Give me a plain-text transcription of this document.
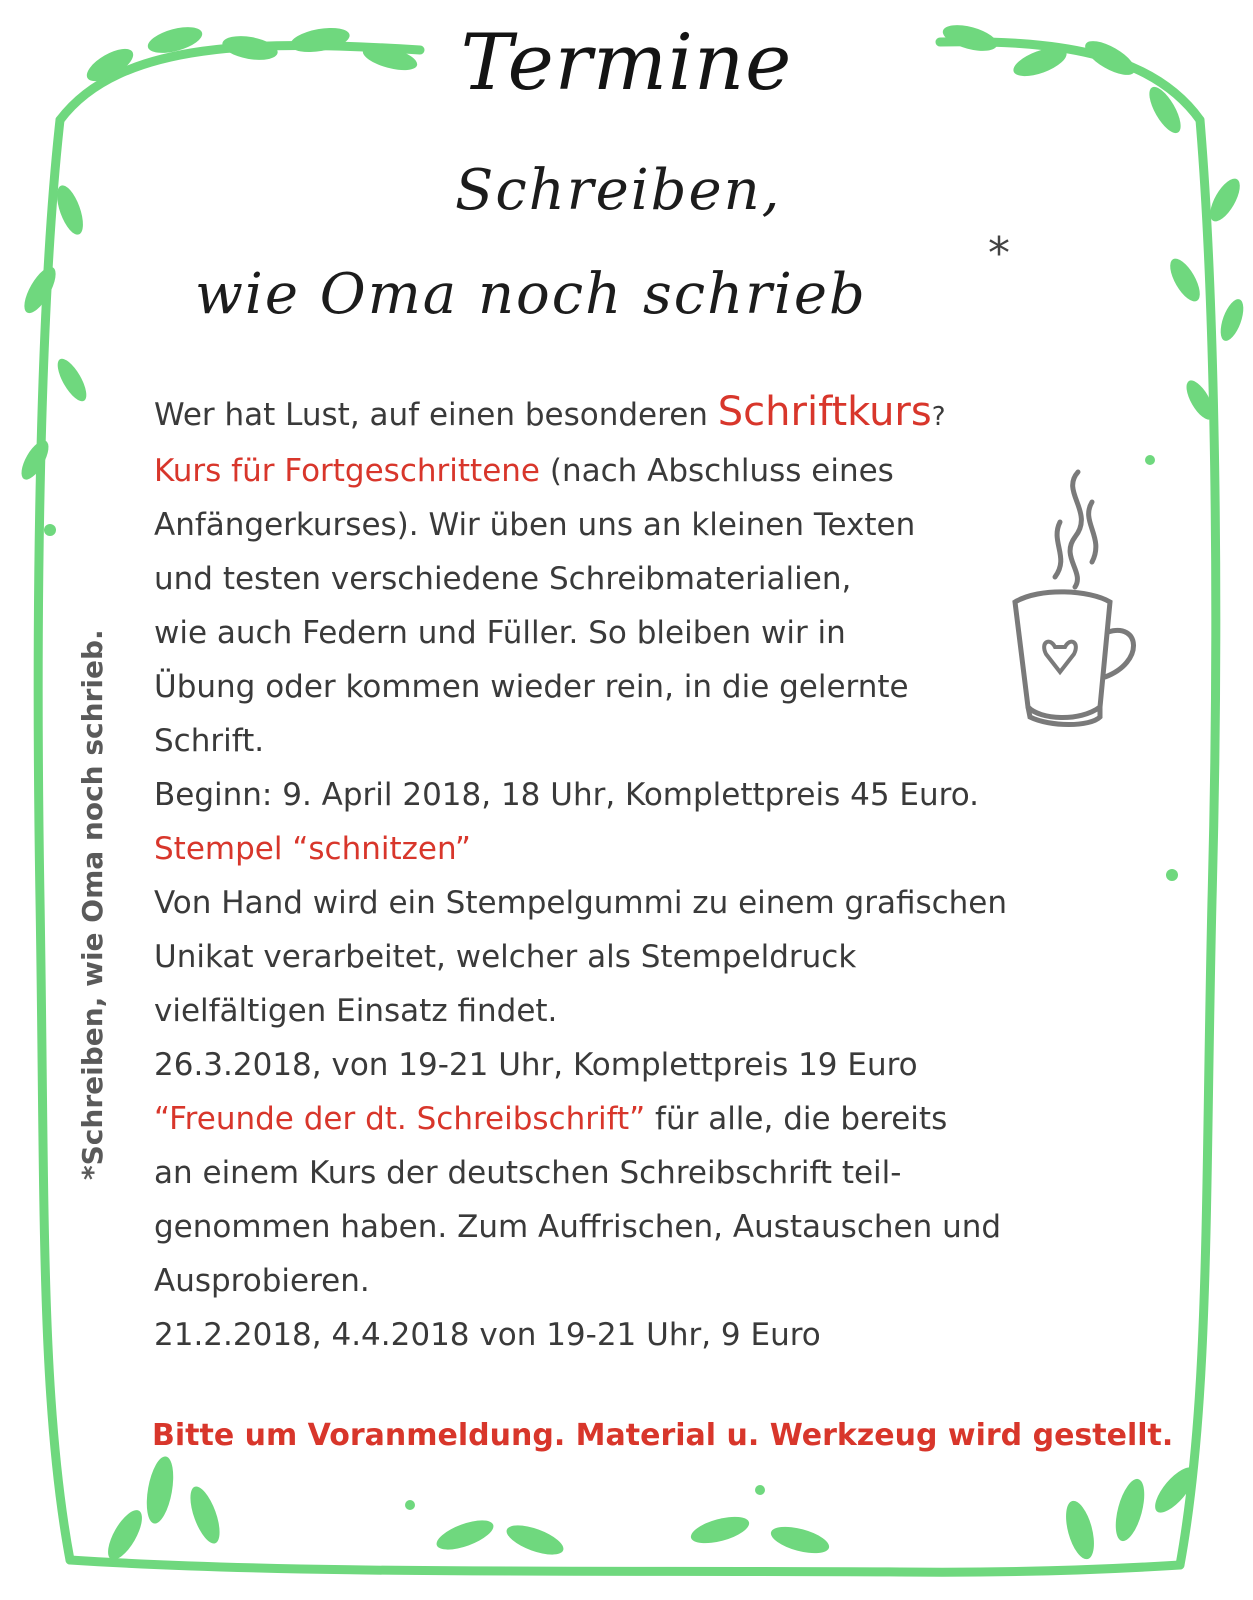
Termine
Schreiben,
wie Oma noch schrieb
*
Wer hat Lust, auf einen besonderen Schriftkurs?
Kurs für Fortgeschrittene (nach Abschluss eines
Anfängerkurses). Wir üben uns an kleinen Texten
und testen verschiedene Schreibmaterialien,
wie auch Federn und Füller. So bleiben wir in
Übung oder kommen wieder rein, in die gelernte
Schrift.
Beginn: 9. April 2018, 18 Uhr, Komplettpreis 45 Euro.
Stempel “schnitzen”
Von Hand wird ein Stempelgummi zu einem grafischen
Unikat verarbeitet, welcher als Stempeldruck
vielfältigen Einsatz findet.
26.3.2018, von 19-21 Uhr, Komplettpreis 19 Euro
“Freunde der dt. Schreibschrift” für alle, die bereits
an einem Kurs der deutschen Schreibschrift teil-
genommen haben. Zum Auffrischen, Austauschen und
Ausprobieren.
21.2.2018, 4.4.2018 von 19-21 Uhr, 9 Euro
Bitte um Voranmeldung. Material u. Werkzeug wird gestellt.
*Schreiben, wie Oma noch schrieb.
